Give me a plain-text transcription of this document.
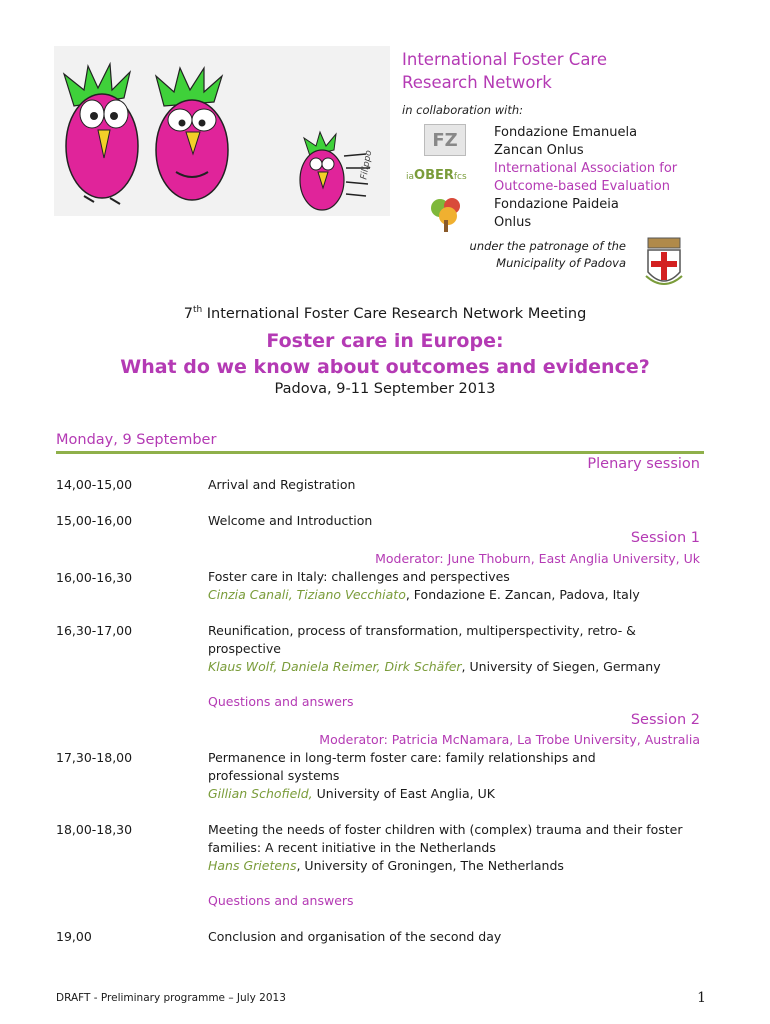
Filippo
International Foster Care
Research Network
in collaboration with:
FZ
iaOBERfcs
Fondazione Emanuela
Zancan Onlus
International Association for
Outcome-based Evaluation
Fondazione Paideia
Onlus
under the patronage of the
Municipality of Padova
7th International Foster Care Research Network Meeting
Foster care in Europe:
What do we know about outcomes and evidence?
Padova, 9-11 September 2013
Monday, 9 September
Plenary session
14,00-15,00	Arrival and Registration
15,00-16,00	Welcome and Introduction
Session 1
Moderator: June Thoburn, East Anglia University, Uk
16,00-16,30	Foster care in Italy: challenges and perspectives
Cinzia Canali, Tiziano Vecchiato, Fondazione E. Zancan, Padova, Italy
16,30-17,00	Reunification, process of transformation, multiperspectivity, retro- &
prospective
Klaus Wolf, Daniela Reimer, Dirk Schäfer, University of Siegen, Germany
Questions and answers
Session 2
Moderator: Patricia McNamara, La Trobe University, Australia
17,30-18,00	Permanence in long-term foster care: family relationships and
professional systems
Gillian Schofield, University of East Anglia, UK
18,00-18,30	Meeting the needs of foster children with (complex) trauma and their foster
families: A recent initiative in the Netherlands
Hans Grietens, University of Groningen, The Netherlands
Questions and answers
19,00	Conclusion and organisation of the second day
DRAFT - Preliminary programme – July 2013	1
